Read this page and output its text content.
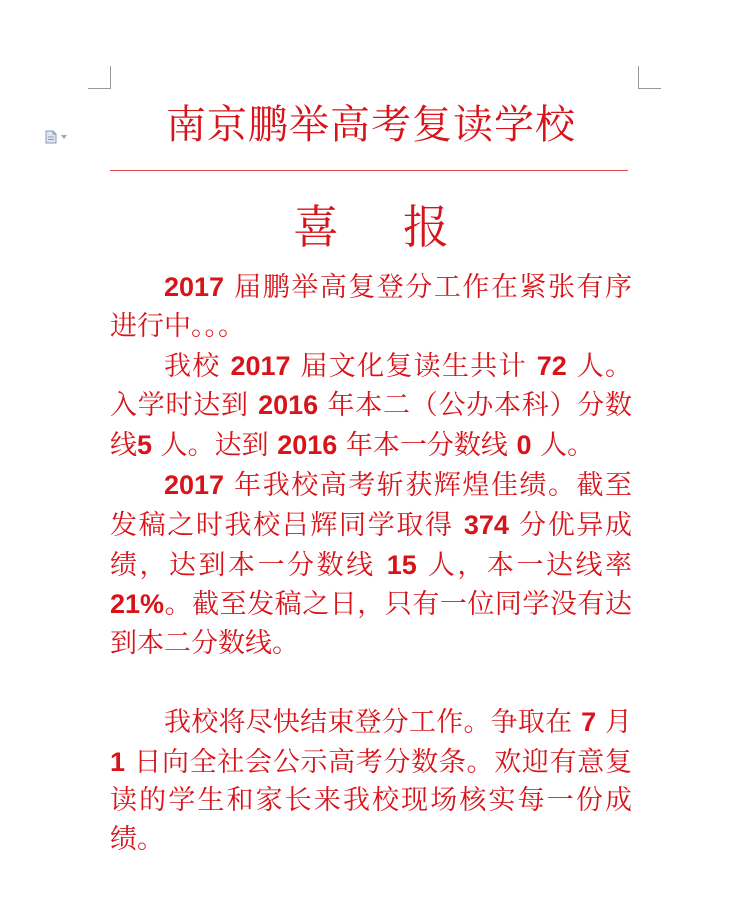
南京鹏举高考复读学校
喜 报

2017 届鹏举高复登分工作在紧张有序进行中。。。

我校 2017 届文化复读生共计 72 人。入学时达到 2016 年本二（公办本科）分数线5 人。达到 2016 年本一分数线 0 人。

2017 年我校高考斩获辉煌佳绩。截至发稿之时我校吕辉同学取得 374 分优异成绩，达到本一分数线 15 人，本一达线率 21%。截至发稿之日，只有一位同学没有达到本二分数线。

我校将尽快结束登分工作。争取在 7 月 1 日向全社会公示高考分数条。欢迎有意复读的学生和家长来我校现场核实每一份成绩。
